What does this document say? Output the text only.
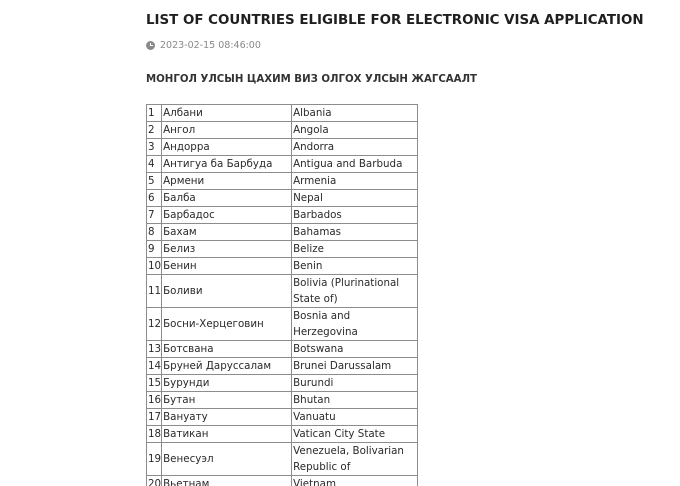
LIST OF COUNTRIES ELIGIBLE FOR ELECTRONIC VISA APPLICATION
2023-02-15 08:46:00
МОНГОЛ УЛСЫН ЦАХИМ ВИЗ ОЛГОХ УЛСЫН ЖАГСААЛТ
1	Албани	Albania
2	Ангол	Angola
3	Андорра	Andorra
4	Антигуа ба Барбуда	Antigua and Barbuda
5	Армени	Armenia
6	Балба	Nepal
7	Барбадос	Barbados
8	Бахам	Bahamas
9	Белиз	Belize
10	Бенин	Benin
11	Боливи	Bolivia (Plurinational State of)
12	Босни-Херцеговин	Bosnia and Herzegovina
13	Ботсвана	Botswana
14	Бруней Даруссалам	Brunei Darussalam
15	Бурунди	Burundi
16	Бутан	Bhutan
17	Вануату	Vanuatu
18	Ватикан	Vatican City State
19	Венесуэл	Venezuela, Bolivarian Republic of
20	Вьетнам	Vietnam
